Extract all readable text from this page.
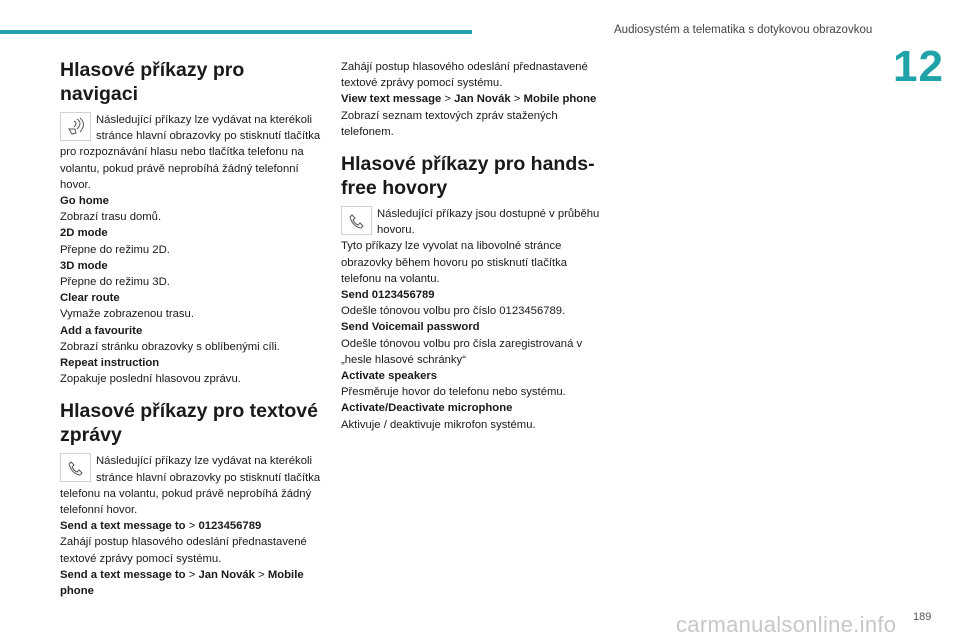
Audiosystém a telematika s dotykovou obrazovkou
12
Hlasové příkazy pro navigaci

Následující příkazy lze vydávat na kterékoli stránce hlavní obrazovky po stisknutí tlačítka pro rozpoznávání hlasu nebo tlačítka telefonu na volantu, pokud právě neprobíhá žádný telefonní hovor.

Go home

Zobrazí trasu domů.

2D mode

Přepne do režimu 2D.

3D mode

Přepne do režimu 3D.

Clear route

Vymaže zobrazenou trasu.

Add a favourite

Zobrazí stránku obrazovky s oblíbenými cíli.

Repeat instruction

Zopakuje poslední hlasovou zprávu.

Hlasové příkazy pro textové zprávy

Následující příkazy lze vydávat na kterékoli stránce hlavní obrazovky po stisknutí tlačítka telefonu na volantu, pokud právě neprobíhá žádný telefonní hovor.

Send a text message to > 0123456789

Zahájí postup hlasového odeslání přednastavené textové zprávy pomocí systému.

Send a text message to > Jan Novák > Mobile phone

Zahájí postup hlasového odeslání přednastavené textové zprávy pomocí systému.

View text message > Jan Novák > Mobile phone

Zobrazí seznam textových zpráv stažených telefonem.

Hlasové příkazy pro hands-free hovory

Následující příkazy jsou dostupné v průběhu hovoru.

Tyto příkazy lze vyvolat na libovolné stránce obrazovky během hovoru po stisknutí tlačítka telefonu na volantu.

Send 0123456789

Odešle tónovou volbu pro číslo 0123456789.

Send Voicemail password

Odešle tónovou volbu pro čísla zaregistrovaná v „hesle hlasové schránky“

Activate speakers

Přesměruje hovor do telefonu nebo systému.

Activate/Deactivate microphone

Aktivuje / deaktivuje mikrofon systému.

carmanualsonline.info 189
